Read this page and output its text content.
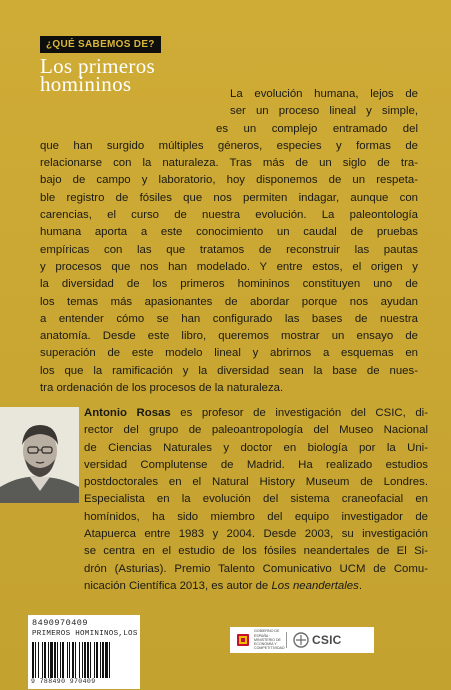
¿QUÉ SABEMOS DE?
Los primeros
homininos	La evolución humana, lejos de
ser un proceso lineal y simple,
es un complejo entramado del
que han surgido múltiples géneros, especies y formas de
relacionarse con la naturaleza. Tras más de un siglo de tra-
bajo de campo y laboratorio, hoy disponemos de un respeta-
ble registro de fósiles que nos permiten indagar, aunque con
carencias, el curso de nuestra evolución. La paleontología
humana aporta a este conocimiento un caudal de pruebas
empíricas con las que tratamos de reconstruir las pautas
y procesos que nos han modelado. Y entre estos, el origen y
la diversidad de los primeros homininos constituyen uno de
los temas más apasionantes de abordar porque nos ayudan
a entender cómo se han configurado las bases de nuestra
anatomía. Desde este libro, queremos mostrar un ensayo de
superación de este modelo lineal y abrirnos a esquemas en
los que la ramificación y la diversidad sean la base de nues-
tra ordenación de los procesos de la naturaleza.
Antonio Rosas es profesor de investigación del CSIC, di-
rector del grupo de paleoantropología del Museo Nacional
de Ciencias Naturales y doctor en biología por la Uni-
versidad Complutense de Madrid. Ha realizado estudios
postdoctorales en el Natural History Museum de Londres.
Especialista en la evolución del sistema craneofacial en
homínidos, ha sido miembro del equipo investigador de
Atapuerca entre 1983 y 2004. Desde 2003, su investigación
se centra en el estudio de los fósiles neandertales de El Si-
drón (Asturias). Premio Talento Comunicativo UCM de Comu-
nicación Científica 2013, es autor de Los neandertales.
8490970409
PRIMEROS HOMININOS,LOS
9 788490 970409
GOBIERNO DE ESPAÑA · MINISTERIO DE ECONOMÍA Y COMPETITIVIDAD
CSIC
